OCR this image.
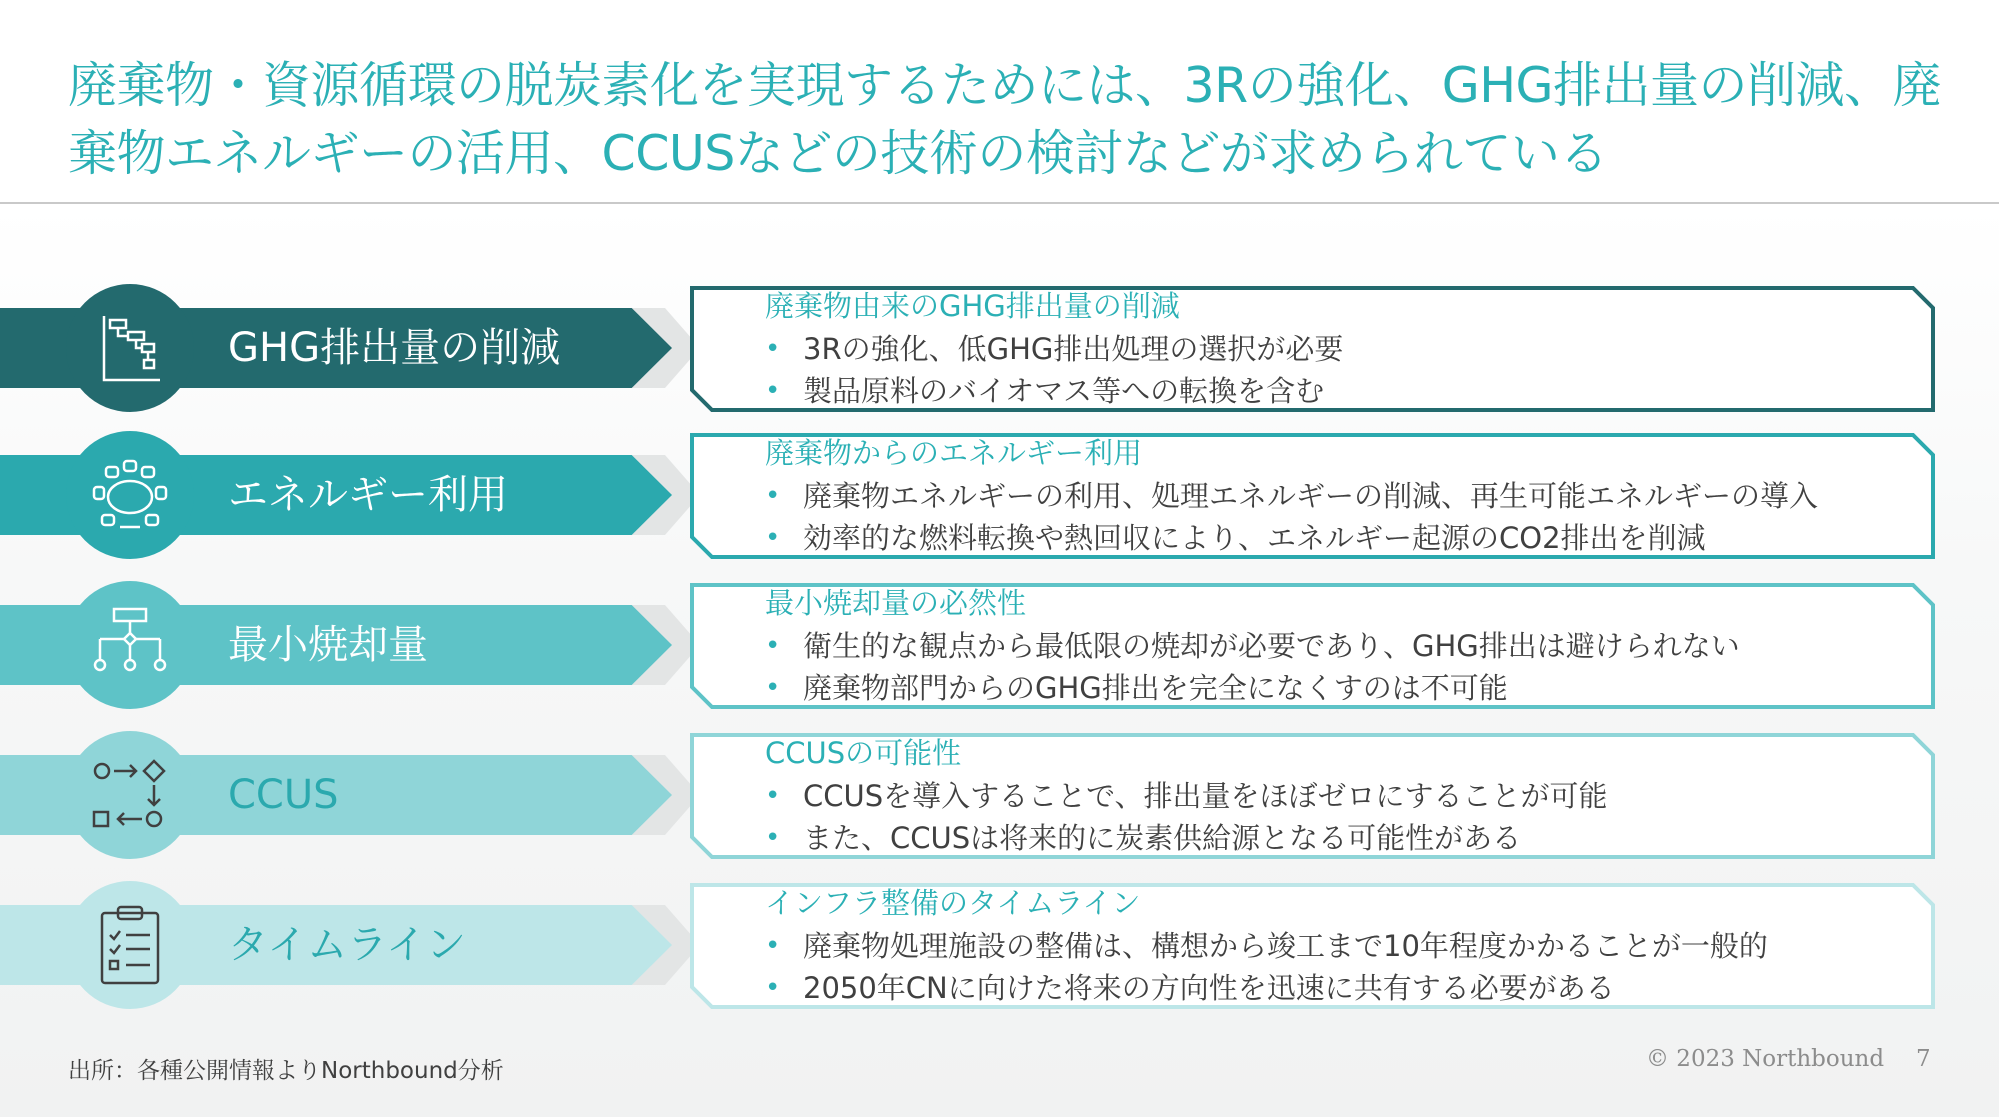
廃棄物・資源循環の脱炭素化を実現するためには、3Rの強化、GHG排出量の削減、廃棄物エネルギーの活用、CCUSなどの技術の検討などが求められている
GHG排出量の削減
廃棄物由来のGHG排出量の削減
• 3Rの強化、低GHG排出処理の選択が必要
• 製品原料のバイオマス等への転換を含む
エネルギー利用
廃棄物からのエネルギー利用
• 廃棄物エネルギーの利用、処理エネルギーの削減、再生可能エネルギーの導入
• 効率的な燃料転換や熱回収により、エネルギー起源のCO2排出を削減
最小焼却量
最小焼却量の必然性
• 衛生的な観点から最低限の焼却が必要であり、GHG排出は避けられない
• 廃棄物部門からのGHG排出を完全になくすのは不可能
CCUS
CCUSの可能性
• CCUSを導入することで、排出量をほぼゼロにすることが可能
• また、CCUSは将来的に炭素供給源となる可能性がある
タイムライン
インフラ整備のタイムライン
• 廃棄物処理施設の整備は、構想から竣工まで10年程度かかることが一般的
• 2050年CNに向けた将来の方向性を迅速に共有する必要がある
出所：各種公開情報よりNorthbound分析	© 2023 Northbound 7
